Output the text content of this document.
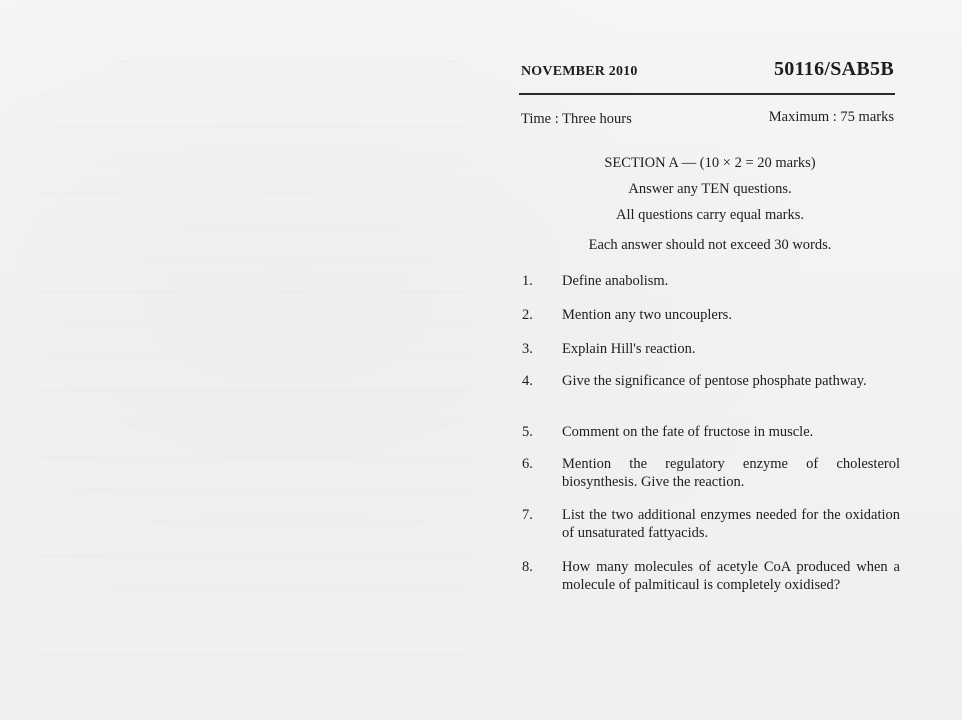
NOVEMBER 2010	50116/SAB5B
Time : Three hours	Maximum : 75 marks
SECTION A — (10 × 2 = 20 marks)
Answer any TEN questions.
All questions carry equal marks.
Each answer should not exceed 30 words.
1.	Define anabolism.
2.	Mention any two uncouplers.
3.	Explain Hill's reaction.
4.	Give the significance of pentose phosphate pathway.
5.	Comment on the fate of fructose in muscle.
6.	Mention the regulatory enzyme of cholesterol biosynthesis. Give the reaction.
7.	List the two additional enzymes needed for the oxidation of unsaturated fattyacids.
8.	How many molecules of acetyle CoA produced when a molecule of palmiticaul is completely oxidised?
